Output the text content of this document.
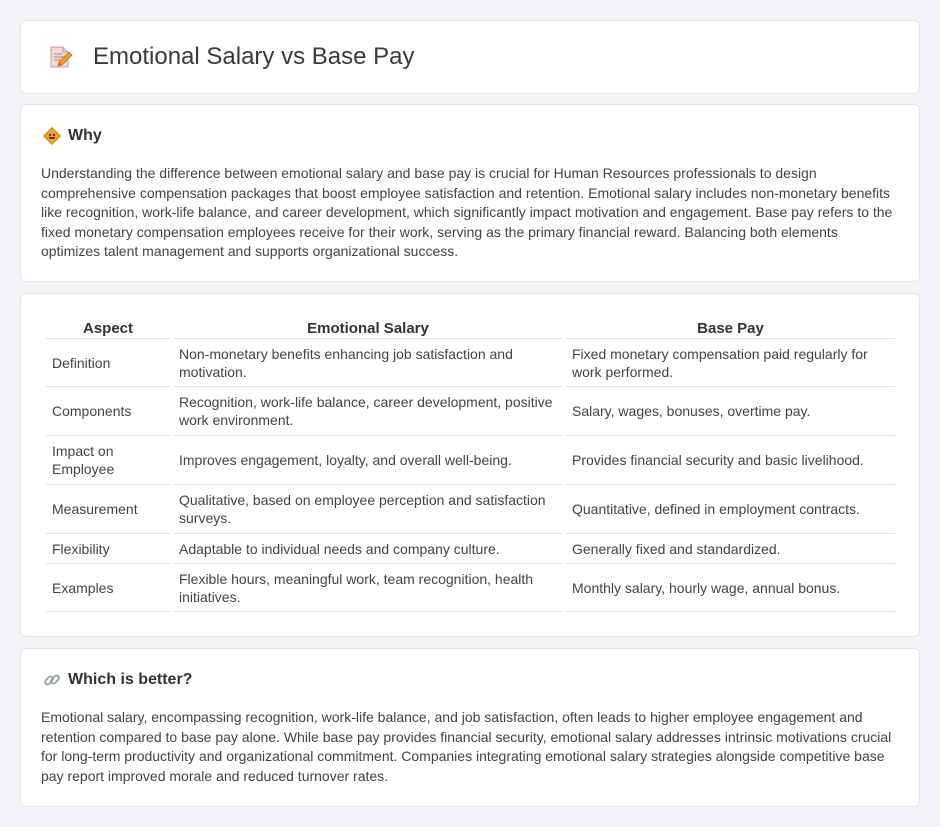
Emotional Salary vs Base Pay
Why

Understanding the difference between emotional salary and base pay is crucial for Human Resources professionals to design comprehensive compensation packages that boost employee satisfaction and retention. Emotional salary includes non-monetary benefits like recognition, work-life balance, and career development, which significantly impact motivation and engagement. Base pay refers to the fixed monetary compensation employees receive for their work, serving as the primary financial reward. Balancing both elements optimizes talent management and supports organizational success.

Aspect	Emotional Salary	Base Pay
Definition	Non-monetary benefits enhancing job satisfaction and motivation.	Fixed monetary compensation paid regularly for work performed.
Components	Recognition, work-life balance, career development, positive work environment.	Salary, wages, bonuses, overtime pay.
Impact on Employee	Improves engagement, loyalty, and overall well-being.	Provides financial security and basic livelihood.
Measurement	Qualitative, based on employee perception and satisfaction surveys.	Quantitative, defined in employment contracts.
Flexibility	Adaptable to individual needs and company culture.	Generally fixed and standardized.
Examples	Flexible hours, meaningful work, team recognition, health initiatives.	Monthly salary, hourly wage, annual bonus.
Which is better?

Emotional salary, encompassing recognition, work-life balance, and job satisfaction, often leads to higher employee engagement and retention compared to base pay alone. While base pay provides financial security, emotional salary addresses intrinsic motivations crucial for long-term productivity and organizational commitment. Companies integrating emotional salary strategies alongside competitive base pay report improved morale and reduced turnover rates.
